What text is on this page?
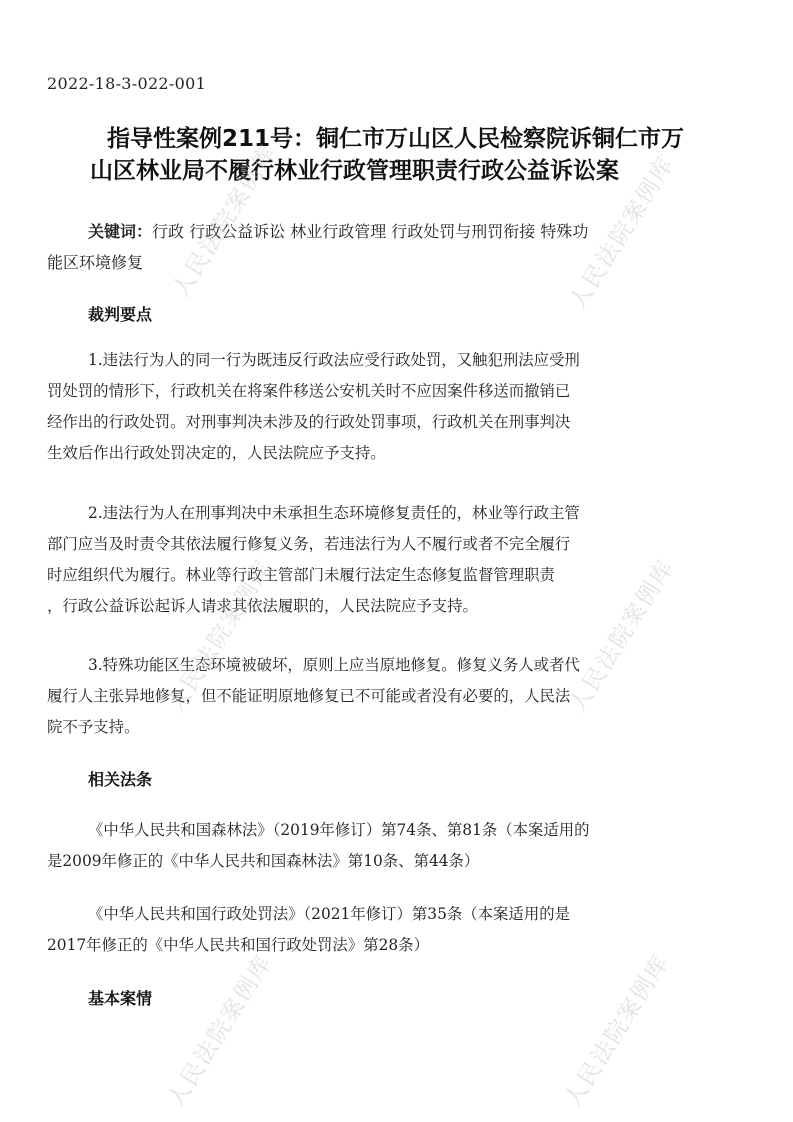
2022-18-3-022-001
指导性案例211号：铜仁市万山区人民检察院诉铜仁市万
山区林业局不履行林业行政管理职责行政公益诉讼案
关键词：行政 行政公益诉讼 林业行政管理 行政处罚与刑罚衔接 特殊功
能区环境修复
裁判要点
1.违法行为人的同一行为既违反行政法应受行政处罚，又触犯刑法应受刑
罚处罚的情形下，行政机关在将案件移送公安机关时不应因案件移送而撤销已
经作出的行政处罚。对刑事判决未涉及的行政处罚事项，行政机关在刑事判决
生效后作出行政处罚决定的，人民法院应予支持。
2.违法行为人在刑事判决中未承担生态环境修复责任的，林业等行政主管
部门应当及时责令其依法履行修复义务，若违法行为人不履行或者不完全履行
时应组织代为履行。林业等行政主管部门未履行法定生态修复监督管理职责
，行政公益诉讼起诉人请求其依法履职的，人民法院应予支持。
3.特殊功能区生态环境被破坏，原则上应当原地修复。修复义务人或者代
履行人主张异地修复，但不能证明原地修复已不可能或者没有必要的，人民法
院不予支持。
相关法条
《中华人民共和国森林法》（2019年修订）第74条、第81条（本案适用的
是2009年修正的《中华人民共和国森林法》第10条、第44条）
《中华人民共和国行政处罚法》（2021年修订）第35条（本案适用的是
2017年修正的《中华人民共和国行政处罚法》第28条）
基本案情
人民法院案例库	人民法院案例库
人民法院案例库	人民法院案例库
人民法院案例库	人民法院案例库
